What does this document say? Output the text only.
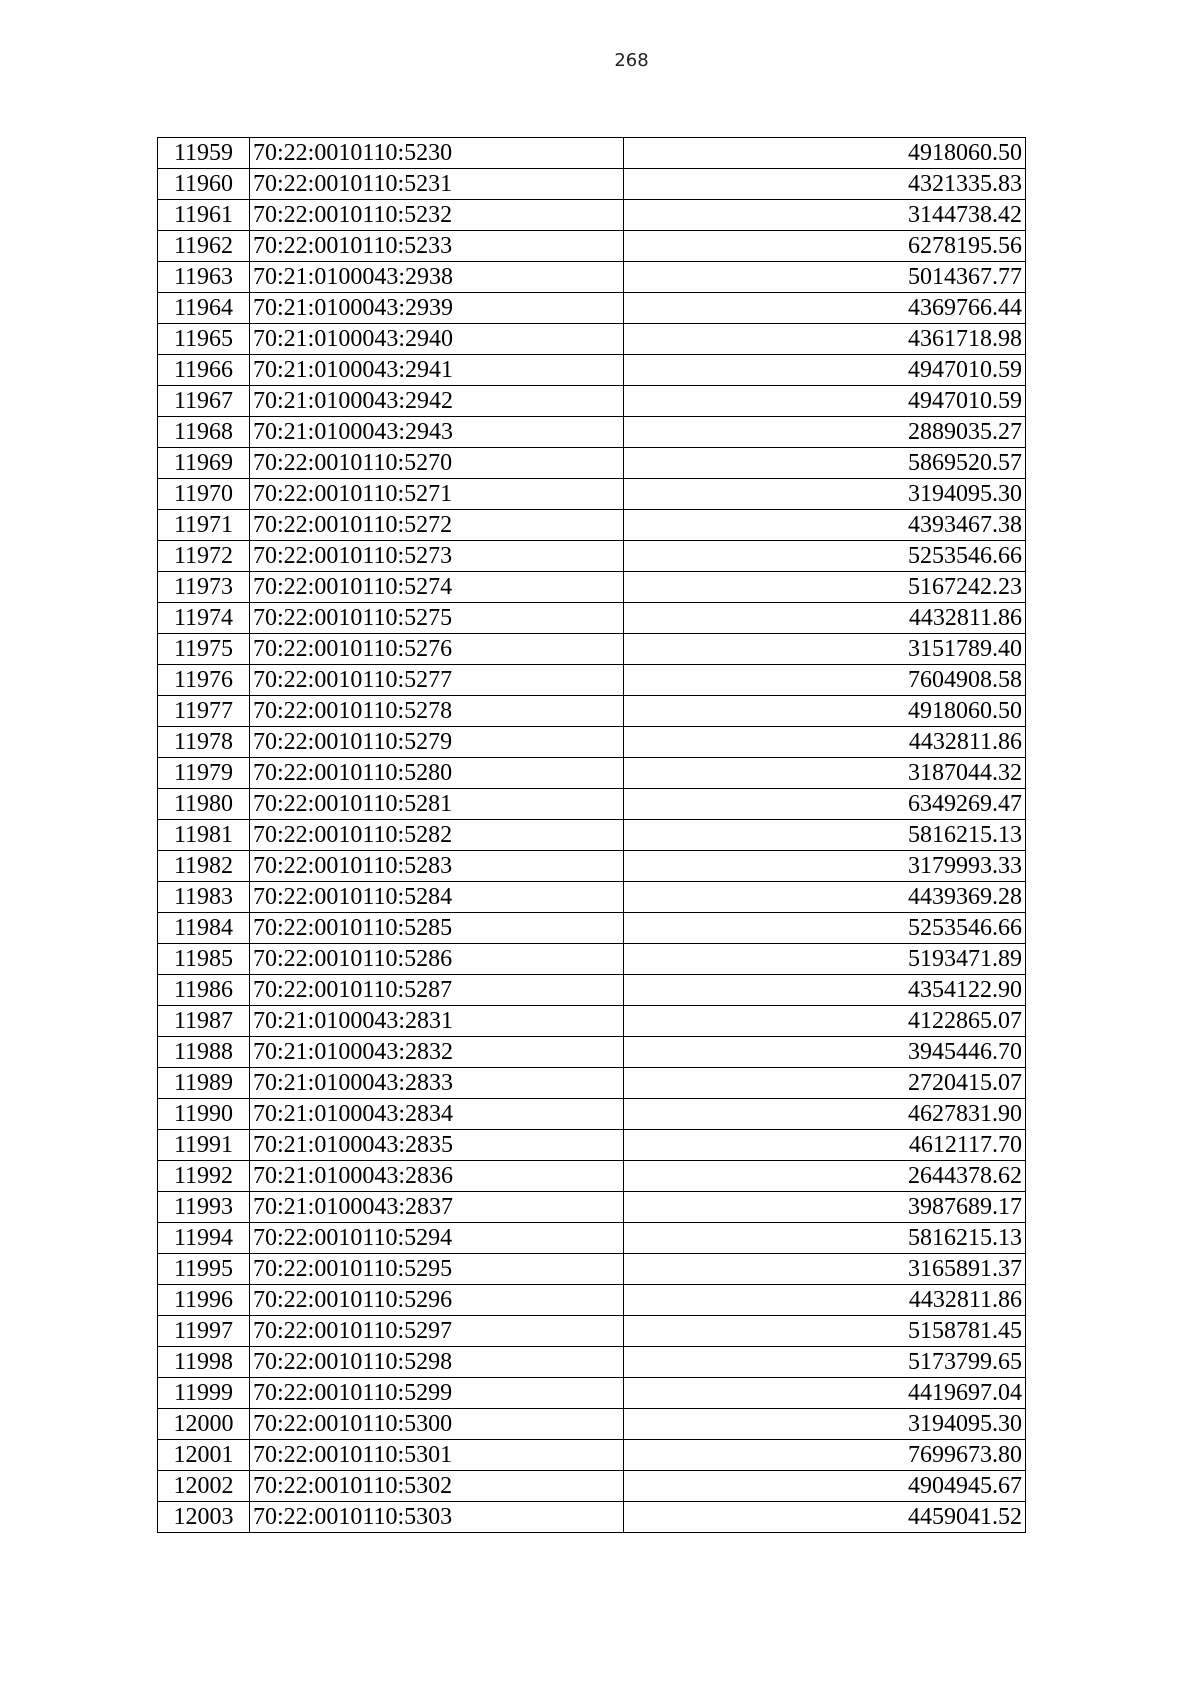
268
11959	70:22:0010110:5230	4918060.50
11960	70:22:0010110:5231	4321335.83
11961	70:22:0010110:5232	3144738.42
11962	70:22:0010110:5233	6278195.56
11963	70:21:0100043:2938	5014367.77
11964	70:21:0100043:2939	4369766.44
11965	70:21:0100043:2940	4361718.98
11966	70:21:0100043:2941	4947010.59
11967	70:21:0100043:2942	4947010.59
11968	70:21:0100043:2943	2889035.27
11969	70:22:0010110:5270	5869520.57
11970	70:22:0010110:5271	3194095.30
11971	70:22:0010110:5272	4393467.38
11972	70:22:0010110:5273	5253546.66
11973	70:22:0010110:5274	5167242.23
11974	70:22:0010110:5275	4432811.86
11975	70:22:0010110:5276	3151789.40
11976	70:22:0010110:5277	7604908.58
11977	70:22:0010110:5278	4918060.50
11978	70:22:0010110:5279	4432811.86
11979	70:22:0010110:5280	3187044.32
11980	70:22:0010110:5281	6349269.47
11981	70:22:0010110:5282	5816215.13
11982	70:22:0010110:5283	3179993.33
11983	70:22:0010110:5284	4439369.28
11984	70:22:0010110:5285	5253546.66
11985	70:22:0010110:5286	5193471.89
11986	70:22:0010110:5287	4354122.90
11987	70:21:0100043:2831	4122865.07
11988	70:21:0100043:2832	3945446.70
11989	70:21:0100043:2833	2720415.07
11990	70:21:0100043:2834	4627831.90
11991	70:21:0100043:2835	4612117.70
11992	70:21:0100043:2836	2644378.62
11993	70:21:0100043:2837	3987689.17
11994	70:22:0010110:5294	5816215.13
11995	70:22:0010110:5295	3165891.37
11996	70:22:0010110:5296	4432811.86
11997	70:22:0010110:5297	5158781.45
11998	70:22:0010110:5298	5173799.65
11999	70:22:0010110:5299	4419697.04
12000	70:22:0010110:5300	3194095.30
12001	70:22:0010110:5301	7699673.80
12002	70:22:0010110:5302	4904945.67
12003	70:22:0010110:5303	4459041.52
